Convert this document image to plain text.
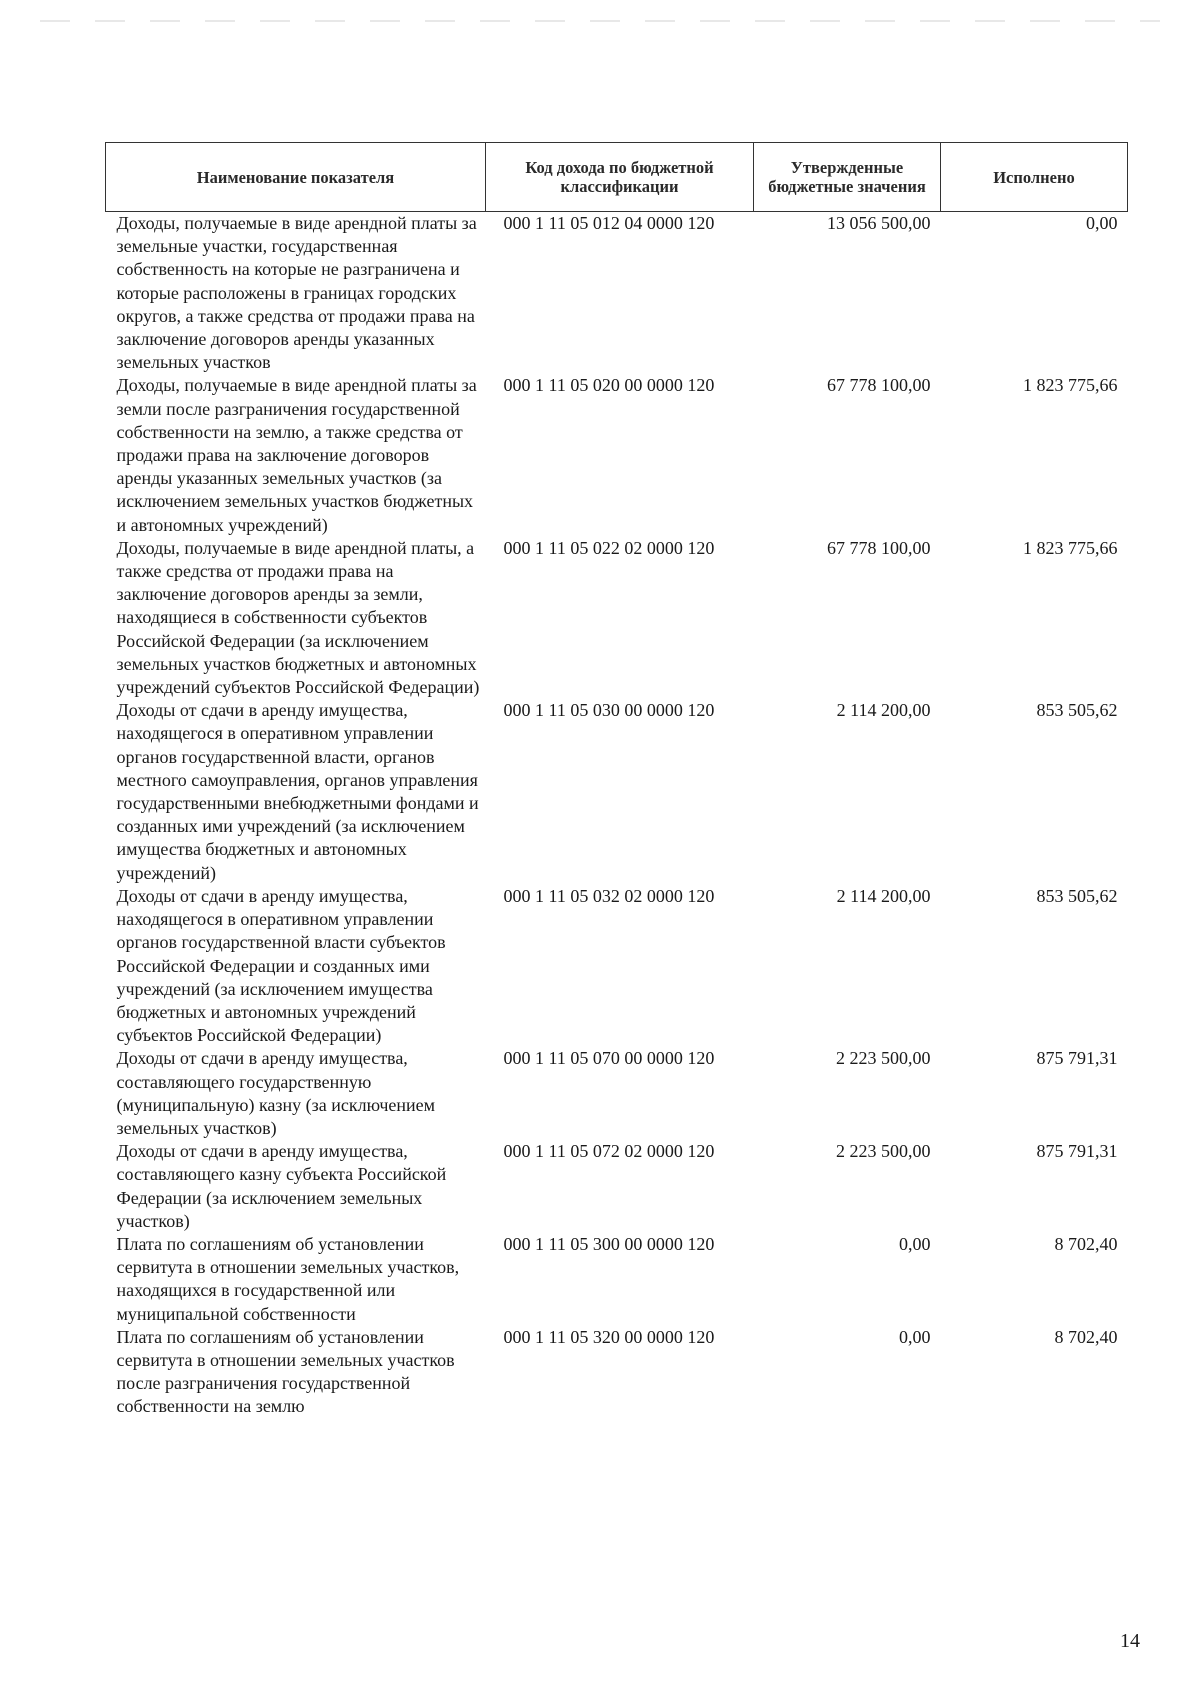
Наименование показателя	Код дохода по бюджетной классификации	Утвержденные бюджетные значения	Исполнено
Доходы, получаемые в виде арендной платы за земельные участки, государственная собственность на которые не разграничена и которые расположены в границах городских округов, а также средства от продажи права на заключение договоров аренды указанных земельных участков	000 1 11 05 012 04 0000 120	13 056 500,00	0,00
Доходы, получаемые в виде арендной платы за земли после разграничения государственной собственности на землю, а также средства от продажи права на заключение договоров аренды указанных земельных участков (за исключением земельных участков бюджетных и автономных учреждений)	000 1 11 05 020 00 0000 120	67 778 100,00	1 823 775,66
Доходы, получаемые в виде арендной платы, а также средства от продажи права на заключение договоров аренды за земли, находящиеся в собственности субъектов Российской Федерации (за исключением земельных участков бюджетных и автономных учреждений субъектов Российской Федерации)	000 1 11 05 022 02 0000 120	67 778 100,00	1 823 775,66
Доходы от сдачи в аренду имущества, находящегося в оперативном управлении органов государственной власти, органов местного самоуправления, органов управления государственными внебюджетными фондами и созданных ими учреждений (за исключением имущества бюджетных и автономных учреждений)	000 1 11 05 030 00 0000 120	2 114 200,00	853 505,62
Доходы от сдачи в аренду имущества, находящегося в оперативном управлении органов государственной власти субъектов Российской Федерации и созданных ими учреждений (за исключением имущества бюджетных и автономных учреждений субъектов Российской Федерации)	000 1 11 05 032 02 0000 120	2 114 200,00	853 505,62
Доходы от сдачи в аренду имущества, составляющего государственную (муниципальную) казну (за исключением земельных участков)	000 1 11 05 070 00 0000 120	2 223 500,00	875 791,31
Доходы от сдачи в аренду имущества, составляющего казну субъекта Российской Федерации (за исключением земельных участков)	000 1 11 05 072 02 0000 120	2 223 500,00	875 791,31
Плата по соглашениям об установлении сервитута в отношении земельных участков, находящихся в государственной или муниципальной собственности	000 1 11 05 300 00 0000 120	0,00	8 702,40
Плата по соглашениям об установлении сервитута в отношении земельных участков после разграничения государственной собственности на землю	000 1 11 05 320 00 0000 120	0,00	8 702,40
14
